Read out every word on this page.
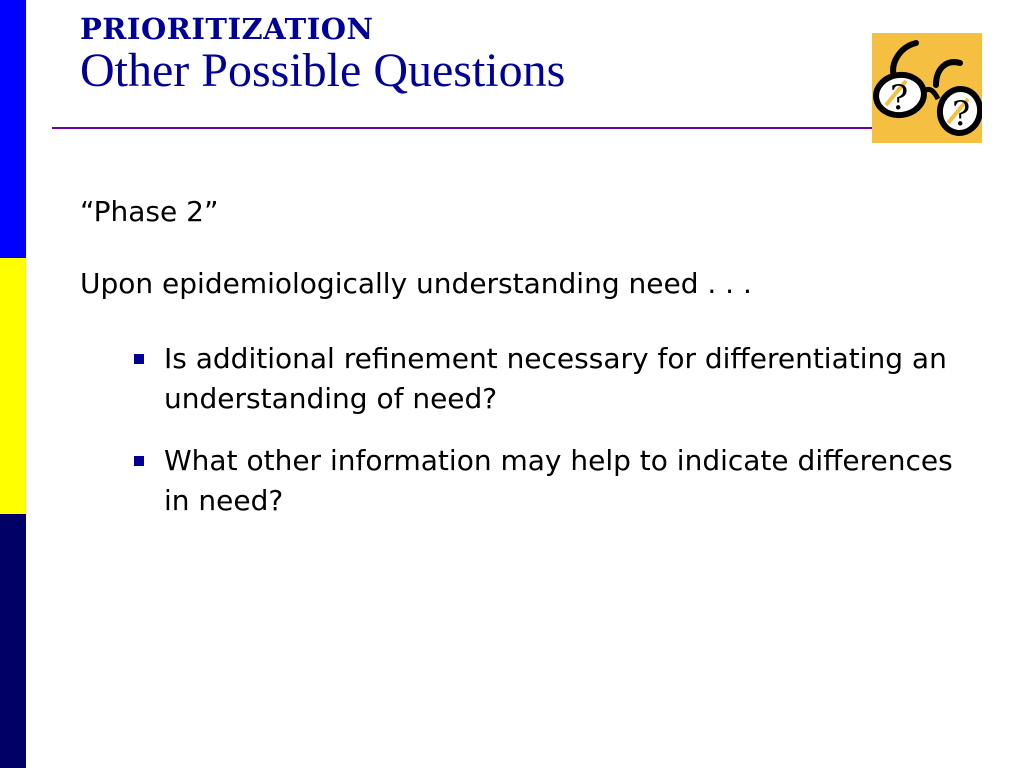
PRIORITIZATION
Other Possible Questions
? ?

“Phase 2”

Upon epidemiologically understanding need . . .

Is additional refinement necessary for differentiating an understanding of need?
What other information may help to indicate differences in need?
